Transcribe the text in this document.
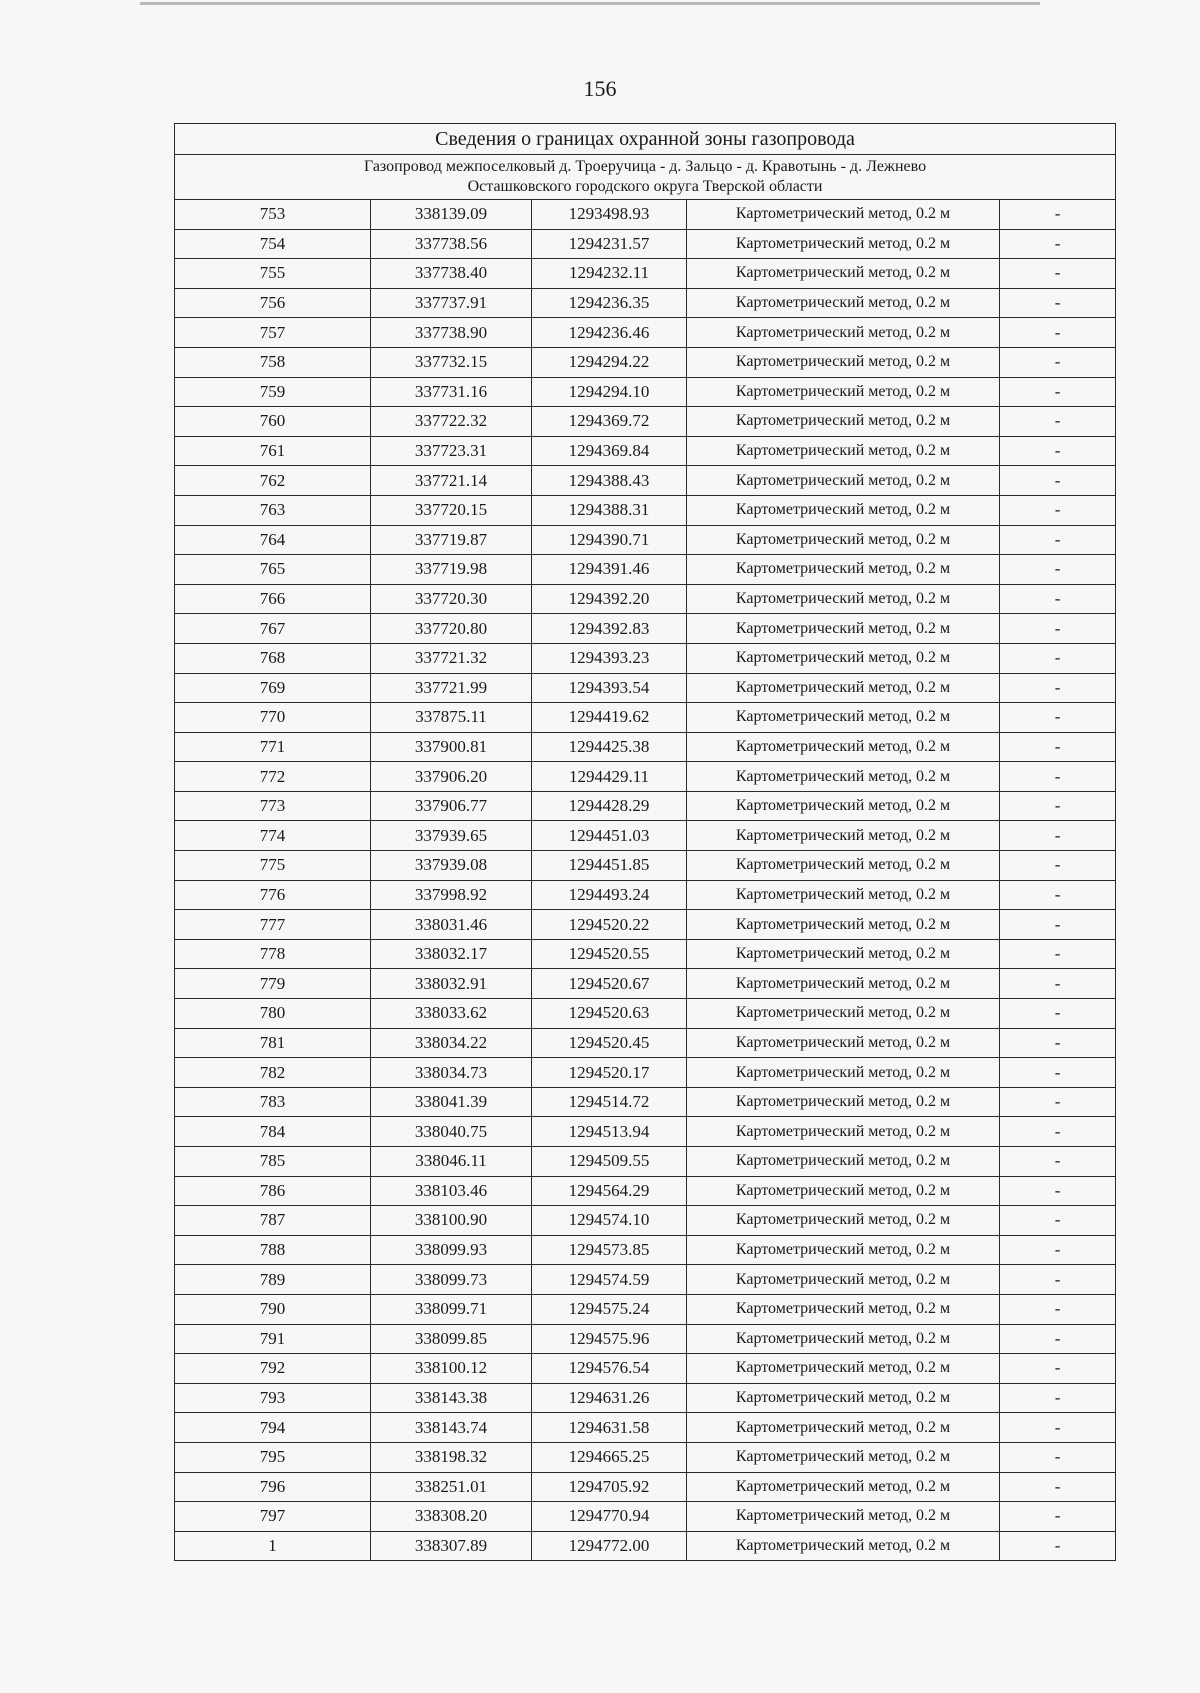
156
Сведения о границах охранной зоны газопровода				

Газопровод межпоселковый д. Троеручица - д. Зальцо - д. Кравотынь - д. Лежнево
Осташковского городского округа Тверской области				

753	338139.09	1293498.93	Картометрический метод, 0.2 м	-
754	337738.56	1294231.57	Картометрический метод, 0.2 м	-
755	337738.40	1294232.11	Картометрический метод, 0.2 м	-
756	337737.91	1294236.35	Картометрический метод, 0.2 м	-
757	337738.90	1294236.46	Картометрический метод, 0.2 м	-
758	337732.15	1294294.22	Картометрический метод, 0.2 м	-
759	337731.16	1294294.10	Картометрический метод, 0.2 м	-
760	337722.32	1294369.72	Картометрический метод, 0.2 м	-
761	337723.31	1294369.84	Картометрический метод, 0.2 м	-
762	337721.14	1294388.43	Картометрический метод, 0.2 м	-
763	337720.15	1294388.31	Картометрический метод, 0.2 м	-
764	337719.87	1294390.71	Картометрический метод, 0.2 м	-
765	337719.98	1294391.46	Картометрический метод, 0.2 м	-
766	337720.30	1294392.20	Картометрический метод, 0.2 м	-
767	337720.80	1294392.83	Картометрический метод, 0.2 м	-
768	337721.32	1294393.23	Картометрический метод, 0.2 м	-
769	337721.99	1294393.54	Картометрический метод, 0.2 м	-
770	337875.11	1294419.62	Картометрический метод, 0.2 м	-
771	337900.81	1294425.38	Картометрический метод, 0.2 м	-
772	337906.20	1294429.11	Картометрический метод, 0.2 м	-
773	337906.77	1294428.29	Картометрический метод, 0.2 м	-
774	337939.65	1294451.03	Картометрический метод, 0.2 м	-
775	337939.08	1294451.85	Картометрический метод, 0.2 м	-
776	337998.92	1294493.24	Картометрический метод, 0.2 м	-
777	338031.46	1294520.22	Картометрический метод, 0.2 м	-
778	338032.17	1294520.55	Картометрический метод, 0.2 м	-
779	338032.91	1294520.67	Картометрический метод, 0.2 м	-
780	338033.62	1294520.63	Картометрический метод, 0.2 м	-
781	338034.22	1294520.45	Картометрический метод, 0.2 м	-
782	338034.73	1294520.17	Картометрический метод, 0.2 м	-
783	338041.39	1294514.72	Картометрический метод, 0.2 м	-
784	338040.75	1294513.94	Картометрический метод, 0.2 м	-
785	338046.11	1294509.55	Картометрический метод, 0.2 м	-
786	338103.46	1294564.29	Картометрический метод, 0.2 м	-
787	338100.90	1294574.10	Картометрический метод, 0.2 м	-
788	338099.93	1294573.85	Картометрический метод, 0.2 м	-
789	338099.73	1294574.59	Картометрический метод, 0.2 м	-
790	338099.71	1294575.24	Картометрический метод, 0.2 м	-
791	338099.85	1294575.96	Картометрический метод, 0.2 м	-
792	338100.12	1294576.54	Картометрический метод, 0.2 м	-
793	338143.38	1294631.26	Картометрический метод, 0.2 м	-
794	338143.74	1294631.58	Картометрический метод, 0.2 м	-
795	338198.32	1294665.25	Картометрический метод, 0.2 м	-
796	338251.01	1294705.92	Картометрический метод, 0.2 м	-
797	338308.20	1294770.94	Картометрический метод, 0.2 м	-
1	338307.89	1294772.00	Картометрический метод, 0.2 м	-
